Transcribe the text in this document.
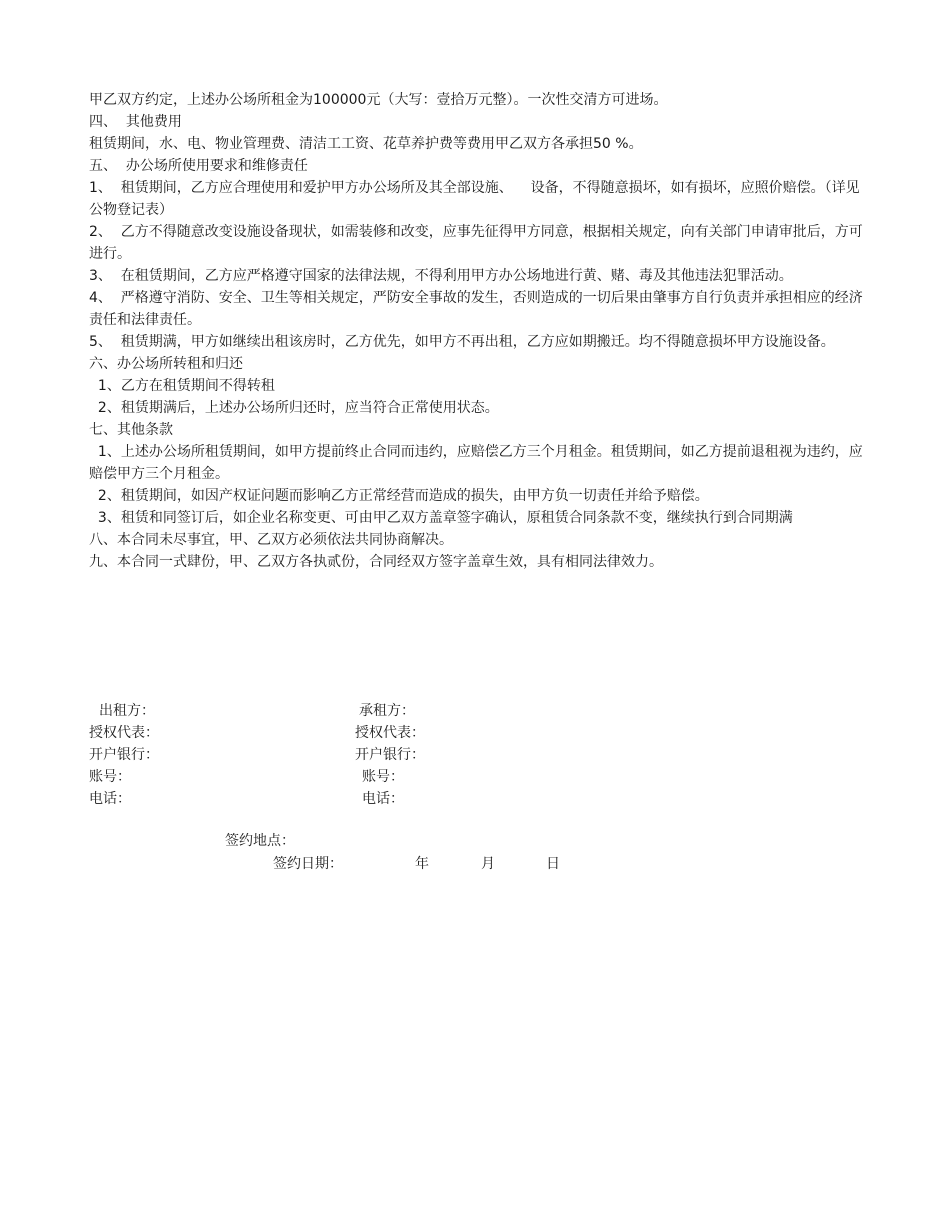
甲乙双方约定，上述办公场所租金为100000元（大写：壹拾万元整）。一次性交清方可进场。

四、  其他费用

租赁期间，水、电、物业管理费、清洁工工资、花草养护费等费用甲乙双方各承担50 %。

五、  办公场所使用要求和维修责任

1、  租赁期间，乙方应合理使用和爱护甲方办公场所及其全部设施、    设备，不得随意损坏，如有损坏，应照价赔偿。（详见公物登记表）

2、  乙方不得随意改变设施设备现状，如需装修和改变，应事先征得甲方同意，根据相关规定，向有关部门申请审批后，方可进行。

3、  在租赁期间，乙方应严格遵守国家的法律法规，不得利用甲方办公场地进行黄、赌、毒及其他违法犯罪活动。

4、  严格遵守消防、安全、卫生等相关规定，严防安全事故的发生，否则造成的一切后果由肇事方自行负责并承担相应的经济责任和法律责任。

5、  租赁期满，甲方如继续出租该房时，乙方优先，如甲方不再出租，乙方应如期搬迁。均不得随意损坏甲方设施设备。

六、办公场所转租和归还

1、乙方在租赁期间不得转租

2、租赁期满后，上述办公场所归还时，应当符合正常使用状态。

七、其他条款

1、上述办公场所租赁期间，如甲方提前终止合同而违约，应赔偿乙方三个月租金。租赁期间，如乙方提前退租视为违约，应赔偿甲方三个月租金。

2、租赁期间，如因产权证问题而影响乙方正常经营而造成的损失，由甲方负一切责任并给予赔偿。

3、租赁和同签订后，如企业名称变更、可由甲乙双方盖章签字确认，原租赁合同条款不变，继续执行到合同期满

八、本合同未尽事宜，甲、乙双方必须依法共同协商解决。

九、本合同一式肆份，甲、乙双方各执贰份，合同经双方签字盖章生效，具有相同法律效力。

出租方：	承租方：
授权代表：	授权代表：
开户银行：	开户银行：
账号：	账号：
电话：	电话：
签约地点：
签约日期：	年	月	日
